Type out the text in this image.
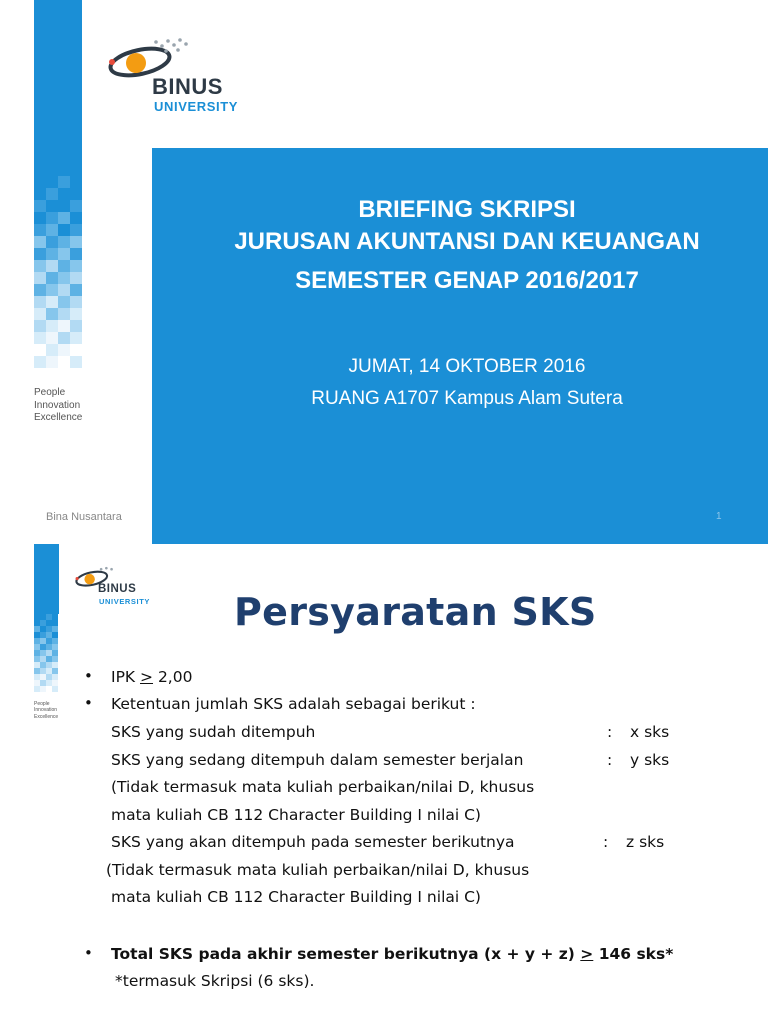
BINUS
UNIVERSITY
People
Innovation
Excellence
BRIEFING SKRIPSI
JURUSAN AKUNTANSI DAN KEUANGAN
SEMESTER GENAP 2016/2017
JUMAT, 14 OKTOBER 2016
RUANG A1707 Kampus Alam Sutera
Bina Nusantara	1
BINUS
UNIVERSITY
People
Innovation
Excellence
Persyaratan SKS
• IPK > 2,00
• Ketentuan jumlah SKS adalah sebagai berikut :
SKS yang sudah ditempuh	: x sks
SKS yang sedang ditempuh dalam semester berjalan	: y sks
(Tidak termasuk mata kuliah perbaikan/nilai D, khusus
mata kuliah CB 112 Character Building I nilai C)
SKS yang akan ditempuh pada semester berikutnya	: z sks
(Tidak termasuk mata kuliah perbaikan/nilai D, khusus
mata kuliah CB 112 Character Building I nilai C)
• Total SKS pada akhir semester berikutnya (x + y + z) > 146 sks*
*termasuk Skripsi (6 sks).
